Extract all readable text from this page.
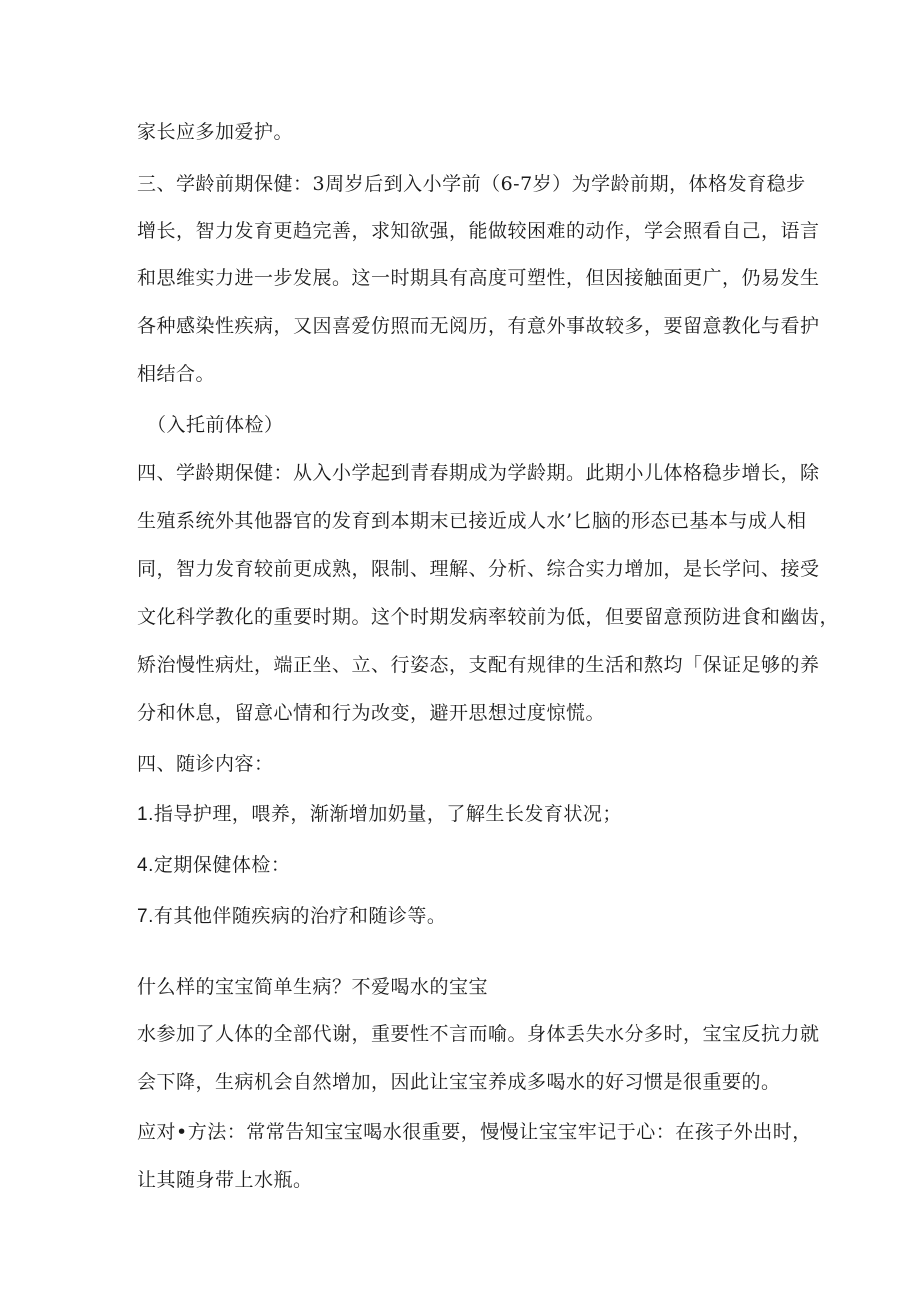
家长应多加爱护。
三、学龄前期保健：3周岁后到入小学前（6-7岁）为学龄前期，体格发育稳步
增长，智力发育更趋完善，求知欲强，能做较困难的动作，学会照看自己，语言
和思维实力进一步发展。这一时期具有高度可塑性，但因接触面更广，仍易发生
各种感染性疾病，又因喜爱仿照而无阅历，有意外事故较多，要留意教化与看护
相结合。
（入托前体检）
四、学龄期保健：从入小学起到青春期成为学龄期。此期小儿体格稳步增长，除
生殖系统外其他器官的发育到本期末已接近成人水’匕脑的形态已基本与成人相
同，智力发育较前更成熟，限制、理解、分析、综合实力增加，是长学问、接受
文化科学教化的重要时期。这个时期发病率较前为低，但要留意预防进食和幽齿，
矫治慢性病灶，端正坐、立、行姿态，支配有规律的生活和熬均「保证足够的养
分和休息，留意心情和行为改变，避开思想过度惊慌。
四、随诊内容：
1.指导护理，喂养，渐渐增加奶量，了解生长发育状况；
4.定期保健体检：
7.有其他伴随疾病的治疗和随诊等。
什么样的宝宝简单生病？不爱喝水的宝宝
水参加了人体的全部代谢，重要性不言而喻。身体丢失水分多时，宝宝反抗力就
会下降，生病机会自然增加，因此让宝宝养成多喝水的好习惯是很重要的。
应对•方法：常常告知宝宝喝水很重要，慢慢让宝宝牢记于心：在孩子外出时，
让其随身带上水瓶。
